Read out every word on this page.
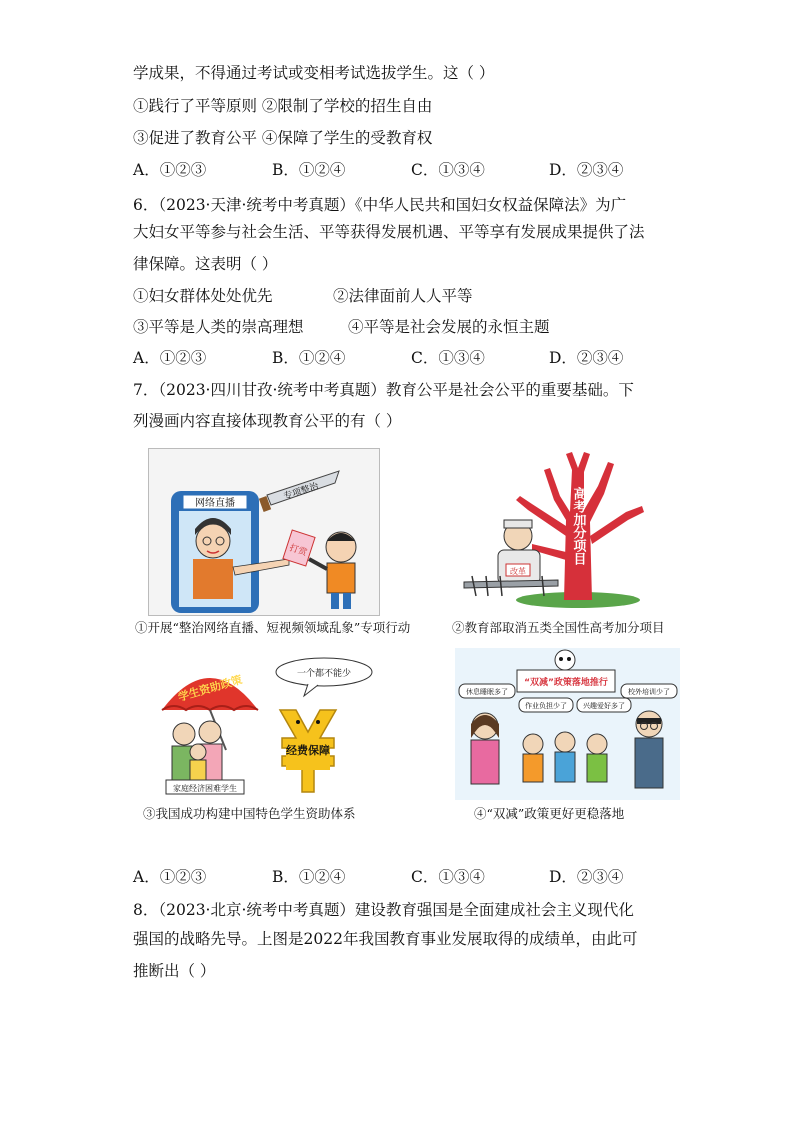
学成果，不得通过考试或变相考试选拔学生。这（ ）
①践行了平等原则 ②限制了学校的招生自由
③促进了教育公平 ④保障了学生的受教育权
A．①②③	B．①②④	C．①③④	D．②③④
6．（2023·天津·统考中考真题）《中华人民共和国妇女权益保障法》为广
大妇女平等参与社会生活、平等获得发展机遇、平等享有发展成果提供了法
律保障。这表明（ ）
①妇女群体处处优先	②法律面前人人平等
③平等是人类的崇高理想	④平等是社会发展的永恒主题
A．①②③	B．①②④	C．①③④	D．②③④
7．（2023·四川甘孜·统考中考真题）教育公平是社会公平的重要基础。下
列漫画内容直接体现教育公平的有（ ）
网络直播
专项整治
打赏
①开展“整治网络直播、短视频领域乱象”专项行动
高考加分项目
改革
②教育部取消五类全国性高考加分项目
学生资助政策
家庭经济困难学生
经费保障
一个都不能少
③我国成功构建中国特色学生资助体系
“双减”政策落地推行
休息睡眠多了
作业负担少了 兴趣爱好多了
校外培训少了
④“双减”政策更好更稳落地
A．①②③	B．①②④	C．①③④	D．②③④
8．（2023·北京·统考中考真题）建设教育强国是全面建成社会主义现代化
强国的战略先导。上图是2022年我国教育事业发展取得的成绩单，由此可
推断出（ ）
